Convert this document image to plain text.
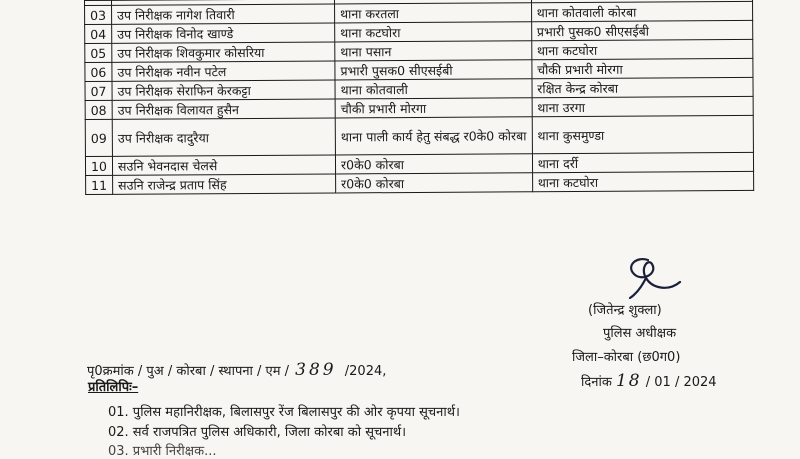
03	उप निरीक्षक नागेश तिवारी	थाना करतला	थाना कोतवाली कोरबा
04	उप निरीक्षक विनोद खाण्डे	थाना कटघोरा	प्रभारी पुसक0 सीएसईबी
05	उप निरीक्षक शिवकुमार कोसरिया	थाना पसान	थाना कटघोरा
06	उप निरीक्षक नवीन पटेल	प्रभारी पुसक0 सीएसईबी	चौकी प्रभारी मोरगा
07	उप निरीक्षक सेराफिन केरकट्टा	थाना कोतवाली	रक्षित केन्द्र कोरबा
08	उप निरीक्षक विलायत हुसैन	चौकी प्रभारी मोरगा	थाना उरगा
09	उप निरीक्षक दादुरैया	थाना पाली कार्य हेतु संबद्ध र0के0 कोरबा	थाना कुसमुण्डा
10	सउनि भेवनदास चेलसे	र0के0 कोरबा	थाना दर्री
11	सउनि राजेन्द्र प्रताप सिंह	र0के0 कोरबा	थाना कटघोरा
(जितेन्द्र शुक्ला)
पुलिस अधीक्षक
जिला–कोरबा (छ0ग0)
दिनांक 18 / 01 / 2024
पृ0क्रमांक / पुअ / कोरबा / स्थापना / एम / 389 /2024,
प्रतिलिपिः–
01. पुलिस महानिरीक्षक, बिलासपुर रेंज बिलासपुर की ओर कृपया सूचनार्थ।
02. सर्व राजपत्रित पुलिस अधिकारी, जिला कोरबा को सूचनार्थ।
03. प्रभारी निरीक्षक...
